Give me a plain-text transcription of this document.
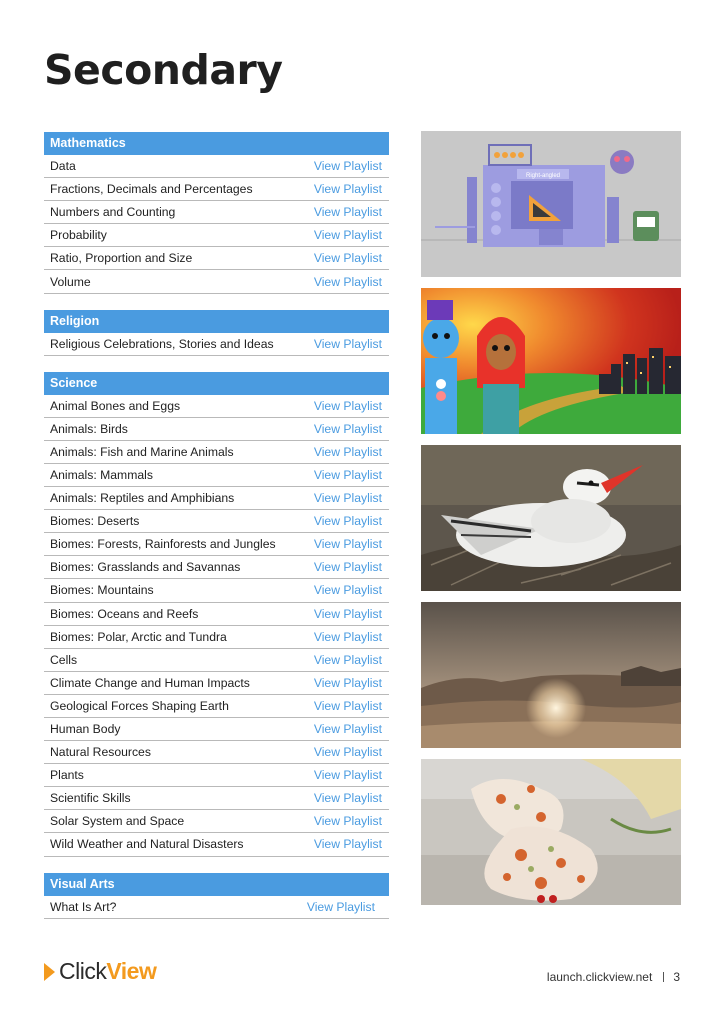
Secondary
Mathematics
Data	View Playlist
Fractions, Decimals and Percentages	View Playlist
Numbers and Counting	View Playlist
Probability	View Playlist
Ratio, Proportion and Size	View Playlist
Volume	View Playlist
Religion
Religious Celebrations, Stories and Ideas	View Playlist
Science
Animal Bones and Eggs	View Playlist
Animals: Birds	View Playlist
Animals: Fish and Marine Animals	View Playlist
Animals: Mammals	View Playlist
Animals: Reptiles and Amphibians	View Playlist
Biomes: Deserts	View Playlist
Biomes: Forests, Rainforests and Jungles	View Playlist
Biomes: Grasslands and Savannas	View Playlist
Biomes: Mountains	View Playlist
Biomes: Oceans and Reefs	View Playlist
Biomes: Polar, Arctic and Tundra	View Playlist
Cells	View Playlist
Climate Change and Human Impacts	View Playlist
Geological Forces Shaping Earth	View Playlist
Human Body	View Playlist
Natural Resources	View Playlist
Plants	View Playlist
Scientific Skills	View Playlist
Solar System and Space	View Playlist
Wild Weather and Natural Disasters	View Playlist
Visual Arts
What Is Art?	View Playlist
Right-angled
Click View	launch.clickview.net 3
